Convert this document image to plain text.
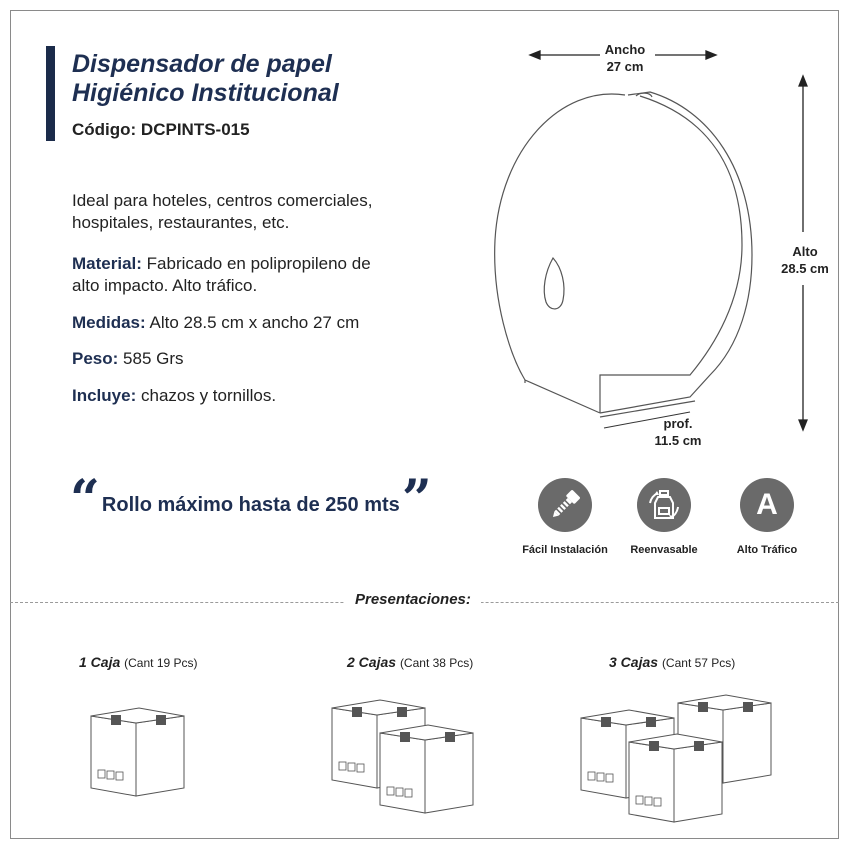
Dispensador de papel
Higiénico Institucional
Código: DCPINTS-015
Ideal para hoteles, centros comerciales,
hospitales, restaurantes, etc.
Material: Fabricado en polipropileno de
alto impacto. Alto tráfico.
Medidas: Alto 28.5 cm x ancho 27 cm
Peso: 585 Grs
Incluye: chazos y tornillos.
“ Rollo máximo hasta de 250 mts ”
Ancho
27 cm
Alto
28.5 cm
prof.
11.5 cm
Fácil Instalación	Reenvasable
A
Alto Tráfico
Presentaciones:
1 Caja (Cant 19 Pcs)	2 Cajas (Cant 38 Pcs)	3 Cajas (Cant 57 Pcs)
